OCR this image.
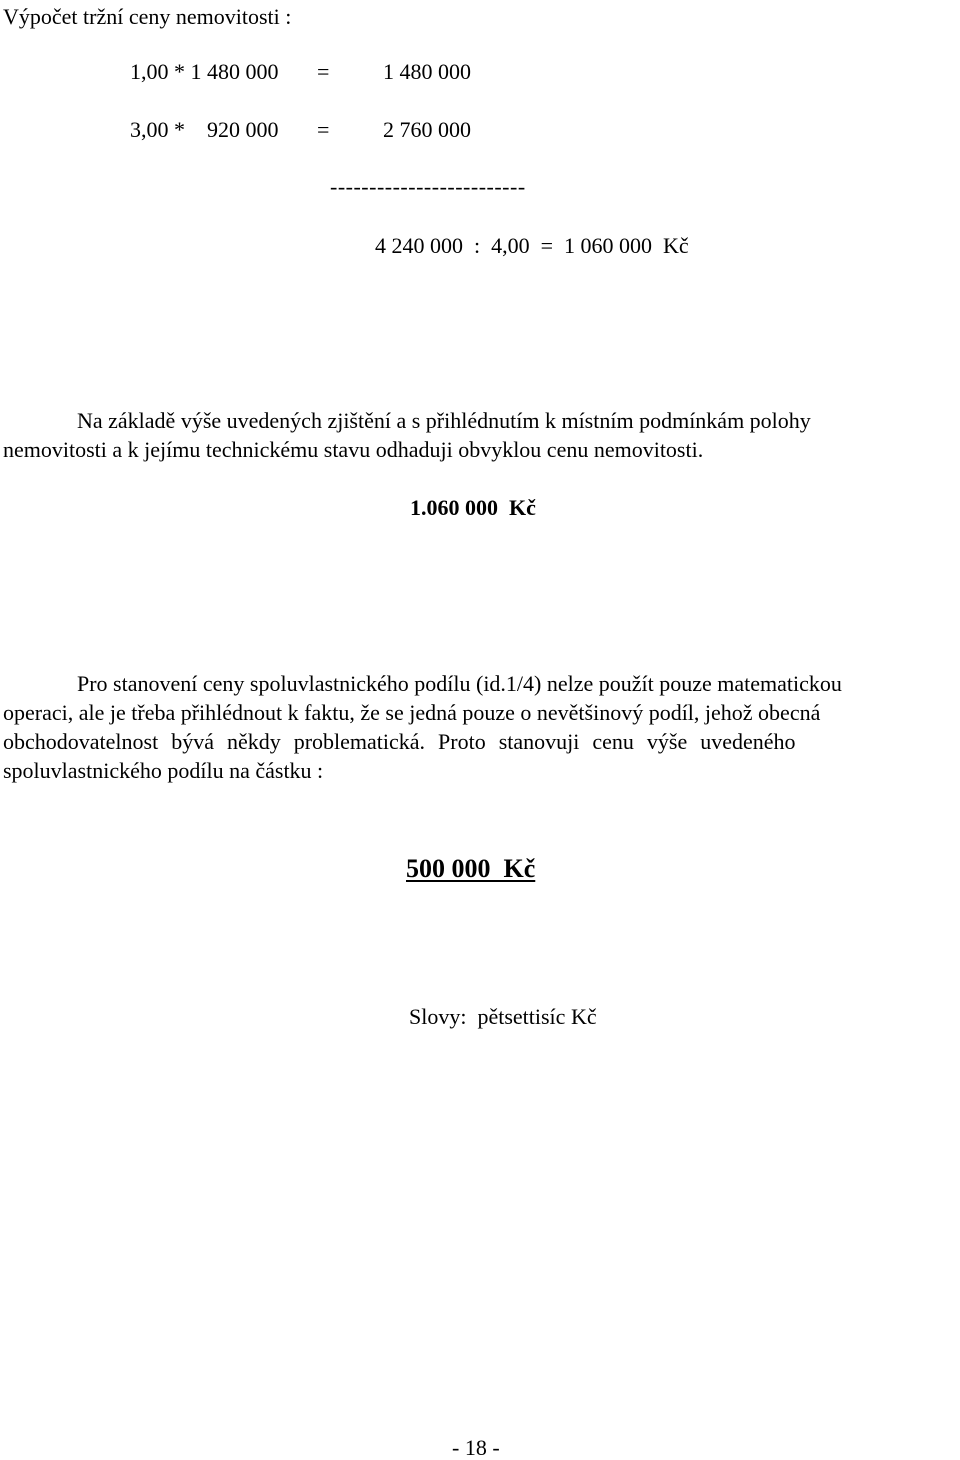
Výpočet tržní ceny nemovitosti :
1,00 * 1 480 000 = 1 480 000
3,00 *    920 000 = 2 760 000
-------------------------
4 240 000  :  4,00  =  1 060 000  Kč
Na základě výše uvedených zjištění a s přihlédnutím k místním podmínkám polohy
nemovitosti a k jejímu technickému stavu odhaduji obvyklou cenu nemovitosti.
1.060 000  Kč
Pro stanovení ceny spoluvlastnického podílu (id.1/4) nelze použít pouze matematickou
operaci, ale je třeba přihlédnout k faktu, že se jedná pouze o nevětšinový podíl, jehož obecná
obchodovatelnost bývá někdy problematická. Proto stanovuji cenu výše uvedeného
spoluvlastnického podílu na částku :
500 000  Kč
Slovy:  pětsettisíc Kč
- 18 -
